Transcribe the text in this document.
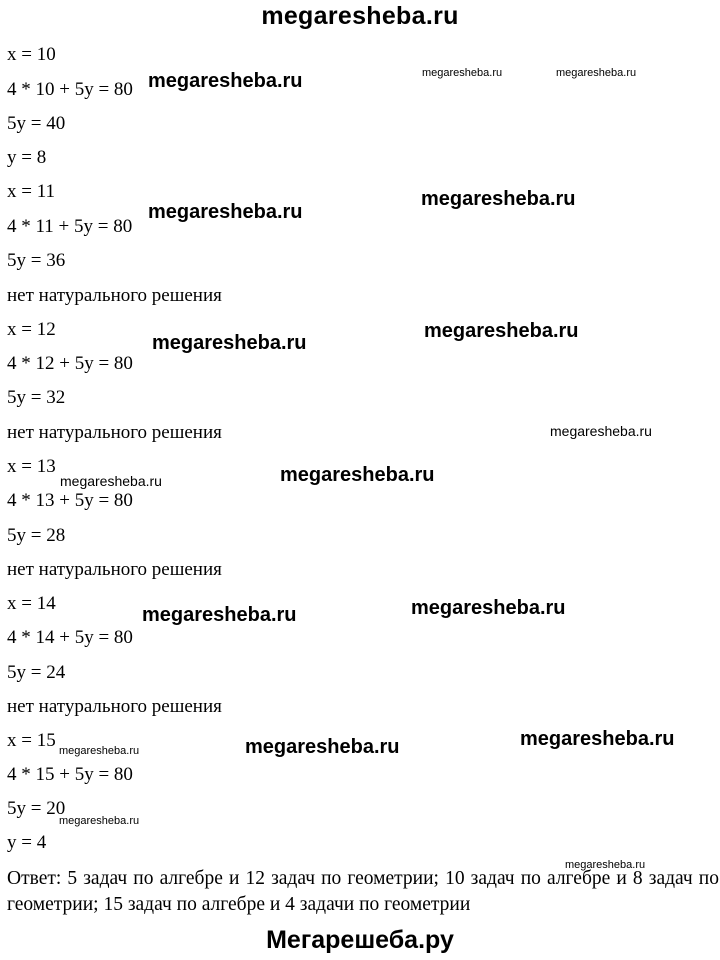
megaresheba.ru
x = 10
4 * 10 + 5y = 80
5y = 40
y = 8
x = 11
4 * 11 + 5y = 80
5y = 36
нет натурального решения
x = 12
4 * 12 + 5y = 80
5y = 32
нет натурального решения
x = 13
4 * 13 + 5y = 80
5y = 28
нет натурального решения
x = 14
4 * 14 + 5y = 80
5y = 24
нет натурального решения
x = 15
4 * 15 + 5y = 80
5y = 20
y = 4
Ответ: 5 задач по алгебре и 12 задач по геометрии; 10 задач по алгебре и 8 задач по геометрии; 15 задач по алгебре и 4 задачи по геометрии
megaresheba.ru	megaresheba.ru	megaresheba.ru
megaresheba.ru
megaresheba.ru
megaresheba.ru
megaresheba.ru
megaresheba.ru
megaresheba.ru
megaresheba.ru
megaresheba.ru	megaresheba.ru
megaresheba.ru	megaresheba.ru
megaresheba.ru
megaresheba.ru
megaresheba.ru
Мегарешеба.ру
